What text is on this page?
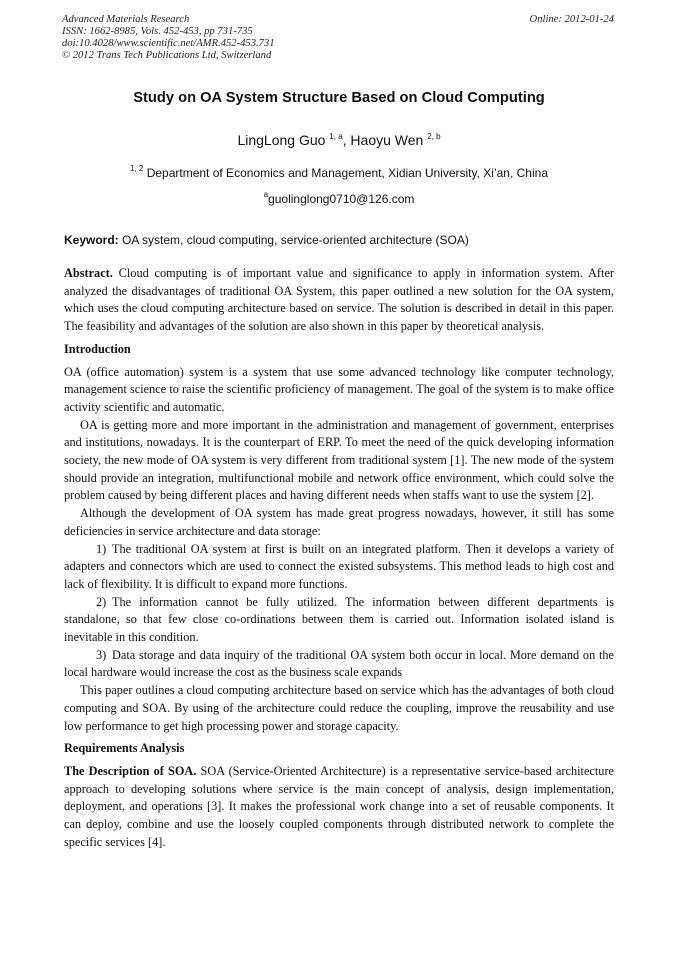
Advanced Materials Research
ISSN: 1662-8985, Vols. 452-453, pp 731-735
doi:10.4028/www.scientific.net/AMR.452-453.731
© 2012 Trans Tech Publications Ltd, Switzerland
Online: 2012-01-24
Study on OA System Structure Based on Cloud Computing
LingLong Guo $^{1, a}$, Haoyu Wen $^{2, b}$
$^{1, 2}$ Department of Economics and Management, Xidian University, Xi’an, China
$^a$guolinglong0710@126.com
Keyword: OA system, cloud computing, service-oriented architecture (SOA)

Abstract. Cloud computing is of important value and significance to apply in information system. After analyzed the disadvantages of traditional OA System, this paper outlined a new solution for the OA system, which uses the cloud computing architecture based on service. The solution is described in detail in this paper. The feasibility and advantages of the solution are also shown in this paper by theoretical analysis.

Introduction

OA (office automation) system is a system that use some advanced technology like computer technology, management science to raise the scientific proficiency of management. The goal of the system is to make office activity scientific and automatic.

OA is getting more and more important in the administration and management of government, enterprises and institutions, nowadays. It is the counterpart of ERP. To meet the need of the quick developing information society, the new mode of OA system is very different from traditional system [1]. The new mode of the system should provide an integration, multifunctional mobile and network office environment, which could solve the problem caused by being different places and having different needs when staffs want to use the system [2].

Although the development of OA system has made great progress nowadays, however, it still has some deficiencies in service architecture and data storage:

1) The traditional OA system at first is built on an integrated platform. Then it develops a variety of adapters and connectors which are used to connect the existed subsystems. This method leads to high cost and lack of flexibility. It is difficult to expand more functions.

2) The information cannot be fully utilized. The information between different departments is standalone, so that few close co-ordinations between them is carried out. Information isolated island is inevitable in this condition.

3) Data storage and data inquiry of the traditional OA system both occur in local. More demand on the local hardware would increase the cost as the business scale expands

This paper outlines a cloud computing architecture based on service which has the advantages of both cloud computing and SOA. By using of the architecture could reduce the coupling, improve the reusability and use low performance to get high processing power and storage capacity.

Requirements Analysis

The Description of SOA. SOA (Service-Oriented Architecture) is a representative service-based architecture approach to developing solutions where service is the main concept of analysis, design implementation, deployment, and operations [3]. It makes the professional work change into a set of reusable components. It can deploy, combine and use the loosely coupled components through distributed network to complete the specific services [4].
